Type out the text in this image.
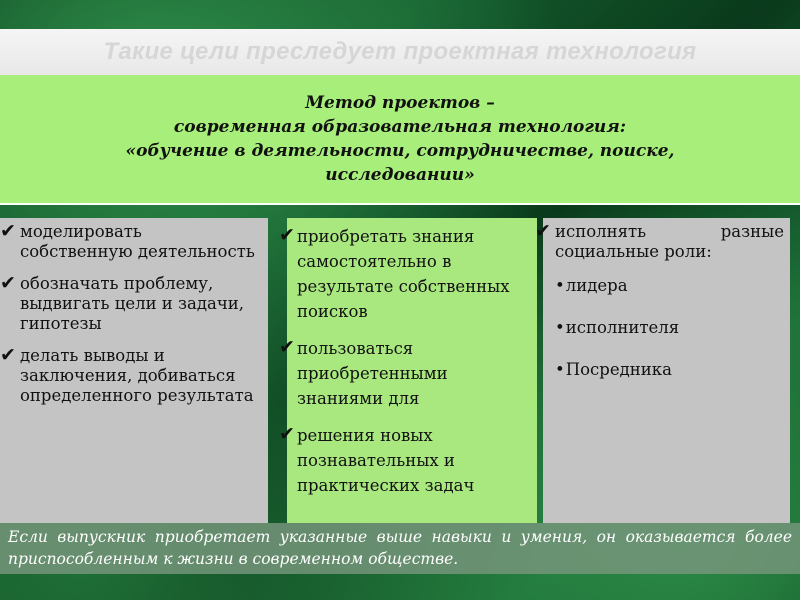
Такие цели преследует проектная технология
Метод проектов –
современная образовательная технология:
«обучение в деятельности, сотрудничестве, поиске,
исследовании»
✔ моделировать собственную деятельность
✔ обозначать проблему, выдвигать цели и задачи, гипотезы
✔ делать выводы и заключения, добиваться определенного результата
✔ приобретать знания самостоятельно в результате собственных поисков
✔ пользоваться приобретенными знаниями для
✔ решения новых познавательных и практических задач
✔ исполнять разные социальные роли:
•лидера
•исполнителя
•Посредника
Если выпускник приобретает указанные выше навыки и умения, он оказывается более приспособленным к жизни в современном обществе.
